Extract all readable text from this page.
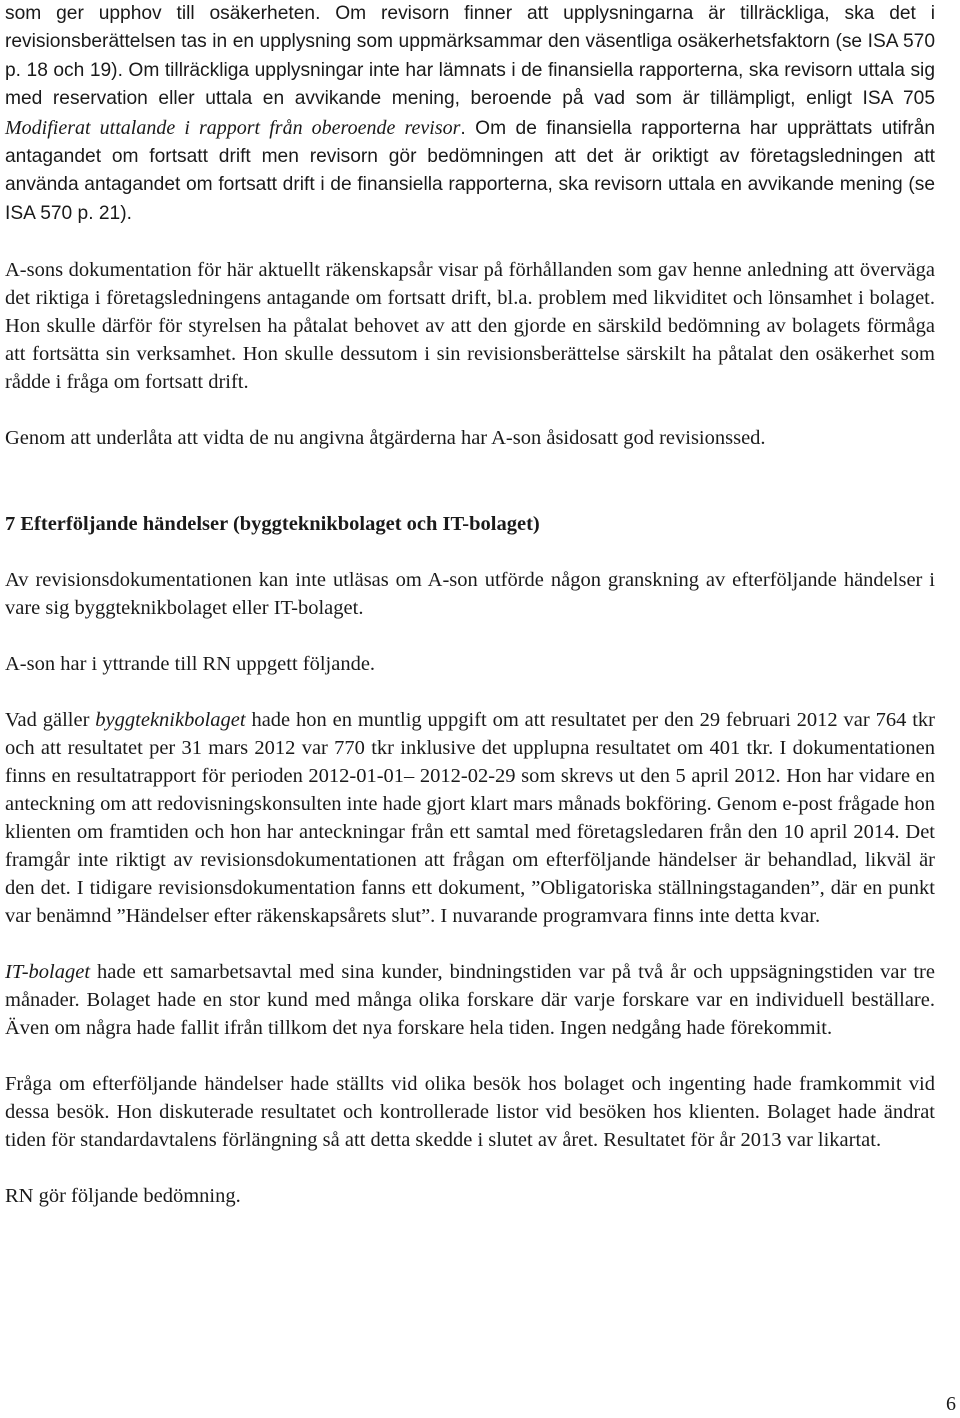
som ger upphov till osäkerheten. Om revisorn finner att upplysningarna är tillräckliga, ska det i revisionsberättelsen tas in en upplysning som uppmärksammar den väsentliga osäkerhetsfaktorn (se ISA 570 p. 18 och 19). Om tillräckliga upplysningar inte har lämnats i de finansiella rapporterna, ska revisorn uttala sig med reservation eller uttala en avvikande mening, beroende på vad som är tillämpligt, enligt ISA 705 Modifierat uttalande i rapport från oberoende revisor. Om de finansiella rapporterna har upprättats utifrån antagandet om fortsatt drift men revisorn gör bedömningen att det är oriktigt av företagsledningen att använda antagandet om fortsatt drift i de finansiella rapporterna, ska revisorn uttala en avvikande mening (se ISA 570 p. 21).

A-sons dokumentation för här aktuellt räkenskapsår visar på förhållanden som gav henne anledning att överväga det riktiga i företagsledningens antagande om fortsatt drift, bl.a. problem med likviditet och lönsamhet i bolaget. Hon skulle därför för styrelsen ha påtalat behovet av att den gjorde en särskild bedömning av bolagets förmåga att fortsätta sin verksamhet. Hon skulle dessutom i sin revisionsberättelse särskilt ha påtalat den osäkerhet som rådde i fråga om fortsatt drift.

Genom att underlåta att vidta de nu angivna åtgärderna har A-son åsidosatt god revisionssed.

7 Efterföljande händelser (byggteknikbolaget och IT-bolaget)

Av revisionsdokumentationen kan inte utläsas om A-son utförde någon granskning av efterföljande händelser i vare sig byggteknikbolaget eller IT-bolaget.

A-son har i yttrande till RN uppgett följande.

Vad gäller byggteknikbolaget hade hon en muntlig uppgift om att resultatet per den 29 februari 2012 var 764 tkr och att resultatet per 31 mars 2012 var 770 tkr inklusive det upplupna resultatet om 401 tkr. I dokumentationen finns en resultatrapport för perioden 2012-01-01– 2012-02-29 som skrevs ut den 5 april 2012. Hon har vidare en anteckning om att redovisningskonsulten inte hade gjort klart mars månads bokföring. Genom e-post frågade hon klienten om framtiden och hon har anteckningar från ett samtal med företagsledaren från den 10 april 2014. Det framgår inte riktigt av revisionsdokumentationen att frågan om efterföljande händelser är behandlad, likväl är den det. I tidigare revisionsdokumentation fanns ett dokument, ”Obligatoriska ställningstaganden”, där en punkt var benämnd ”Händelser efter räkenskapsårets slut”. I nuvarande programvara finns inte detta kvar.

IT-bolaget hade ett samarbetsavtal med sina kunder, bindningstiden var på två år och uppsägningstiden var tre månader. Bolaget hade en stor kund med många olika forskare där varje forskare var en individuell beställare. Även om några hade fallit ifrån tillkom det nya forskare hela tiden. Ingen nedgång hade förekommit.

Fråga om efterföljande händelser hade ställts vid olika besök hos bolaget och ingenting hade framkommit vid dessa besök. Hon diskuterade resultatet och kontrollerade listor vid besöken hos klienten. Bolaget hade ändrat tiden för standardavtalens förlängning så att detta skedde i slutet av året. Resultatet för år 2013 var likartat.

RN gör följande bedömning.

6
